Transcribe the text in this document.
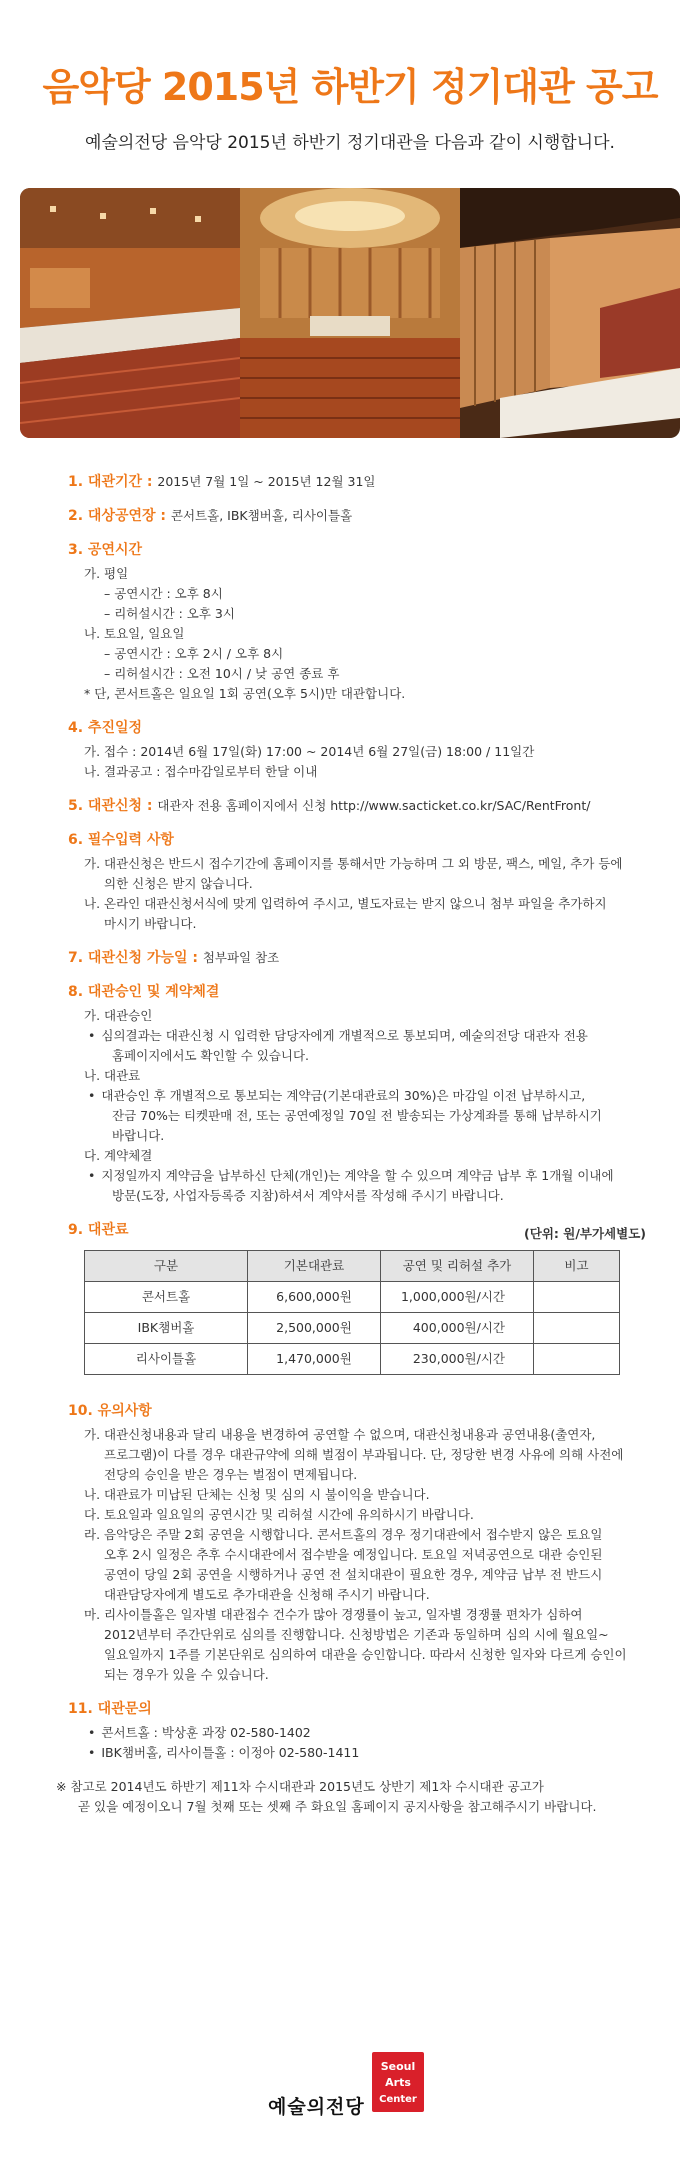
음악당 2015년 하반기 정기대관 공고
예술의전당 음악당 2015년 하반기 정기대관을 다음과 같이 시행합니다.
1. 대관기간 : 2015년 7월 1일 ~ 2015년 12월 31일
2. 대상공연장 : 콘서트홀, IBK챔버홀, 리사이틀홀
3. 공연시간
가. 평일
– 공연시간 : 오후 8시
– 리허설시간 : 오후 3시
나. 토요일, 일요일
– 공연시간 : 오후 2시 / 오후 8시
– 리허설시간 : 오전 10시 / 낮 공연 종료 후
* 단, 콘서트홀은 일요일 1회 공연(오후 5시)만 대관합니다.
4. 추진일정
가. 접수 : 2014년 6월 17일(화) 17:00 ~ 2014년 6월 27일(금) 18:00 / 11일간
나. 결과공고 : 접수마감일로부터 한달 이내
5. 대관신청 : 대관자 전용 홈페이지에서 신청 http://www.sacticket.co.kr/SAC/RentFront/
6. 필수입력 사항
가. 대관신청은 반드시 접수기간에 홈페이지를 통해서만 가능하며 그 외 방문, 팩스, 메일, 추가 등에
의한 신청은 받지 않습니다.
나. 온라인 대관신청서식에 맞게 입력하여 주시고, 별도자료는 받지 않으니 첨부 파일을 추가하지
마시기 바랍니다.
7. 대관신청 가능일 : 첨부파일 참조
8. 대관승인 및 계약체결
가. 대관승인
• 심의결과는 대관신청 시 입력한 담당자에게 개별적으로 통보되며, 예술의전당 대관자 전용
홈페이지에서도 확인할 수 있습니다.
나. 대관료
• 대관승인 후 개별적으로 통보되는 계약금(기본대관료의 30%)은 마감일 이전 납부하시고,
잔금 70%는 티켓판매 전, 또는 공연예정일 70일 전 발송되는 가상계좌를 통해 납부하시기
바랍니다.
다. 계약체결
• 지정일까지 계약금을 납부하신 단체(개인)는 계약을 할 수 있으며 계약금 납부 후 1개월 이내에
방문(도장, 사업자등록증 지참)하셔서 계약서를 작성해 주시기 바랍니다.
9. 대관료	(단위: 원/부가세별도)
구분	기본대관료	공연 및 리허설 추가	비고
콘서트홀	6,600,000원	1,000,000원/시간	
IBK챔버홀	2,500,000원	400,000원/시간	
리사이틀홀	1,470,000원	230,000원/시간	
10. 유의사항
가. 대관신청내용과 달리 내용을 변경하여 공연할 수 없으며, 대관신청내용과 공연내용(출연자,
프로그램)이 다를 경우 대관규약에 의해 벌점이 부과됩니다. 단, 정당한 변경 사유에 의해 사전에
전당의 승인을 받은 경우는 벌점이 면제됩니다.
나. 대관료가 미납된 단체는 신청 및 심의 시 불이익을 받습니다.
다. 토요일과 일요일의 공연시간 및 리허설 시간에 유의하시기 바랍니다.
라. 음악당은 주말 2회 공연을 시행합니다. 콘서트홀의 경우 정기대관에서 접수받지 않은 토요일
오후 2시 일정은 추후 수시대관에서 접수받을 예정입니다. 토요일 저녁공연으로 대관 승인된
공연이 당일 2회 공연을 시행하거나 공연 전 설치대관이 필요한 경우, 계약금 납부 전 반드시
대관담당자에게 별도로 추가대관을 신청해 주시기 바랍니다.
마. 리사이틀홀은 일자별 대관접수 건수가 많아 경쟁률이 높고, 일자별 경쟁률 편차가 심하여
2012년부터 주간단위로 심의를 진행합니다. 신청방법은 기존과 동일하며 심의 시에 월요일~
일요일까지 1주를 기본단위로 심의하여 대관을 승인합니다. 따라서 신청한 일자와 다르게 승인이
되는 경우가 있을 수 있습니다.
11. 대관문의
• 콘서트홀 : 박상훈 과장 02-580-1402
• IBK챔버홀, 리사이틀홀 : 이정아 02-580-1411
※ 참고로 2014년도 하반기 제11차 수시대관과 2015년도 상반기 제1차 수시대관 공고가
곧 있을 예정이오니 7월 첫째 또는 셋째 주 화요일 홈페이지 공지사항을 참고해주시기 바랍니다.
예술의전당
Seoul
Arts
Center
